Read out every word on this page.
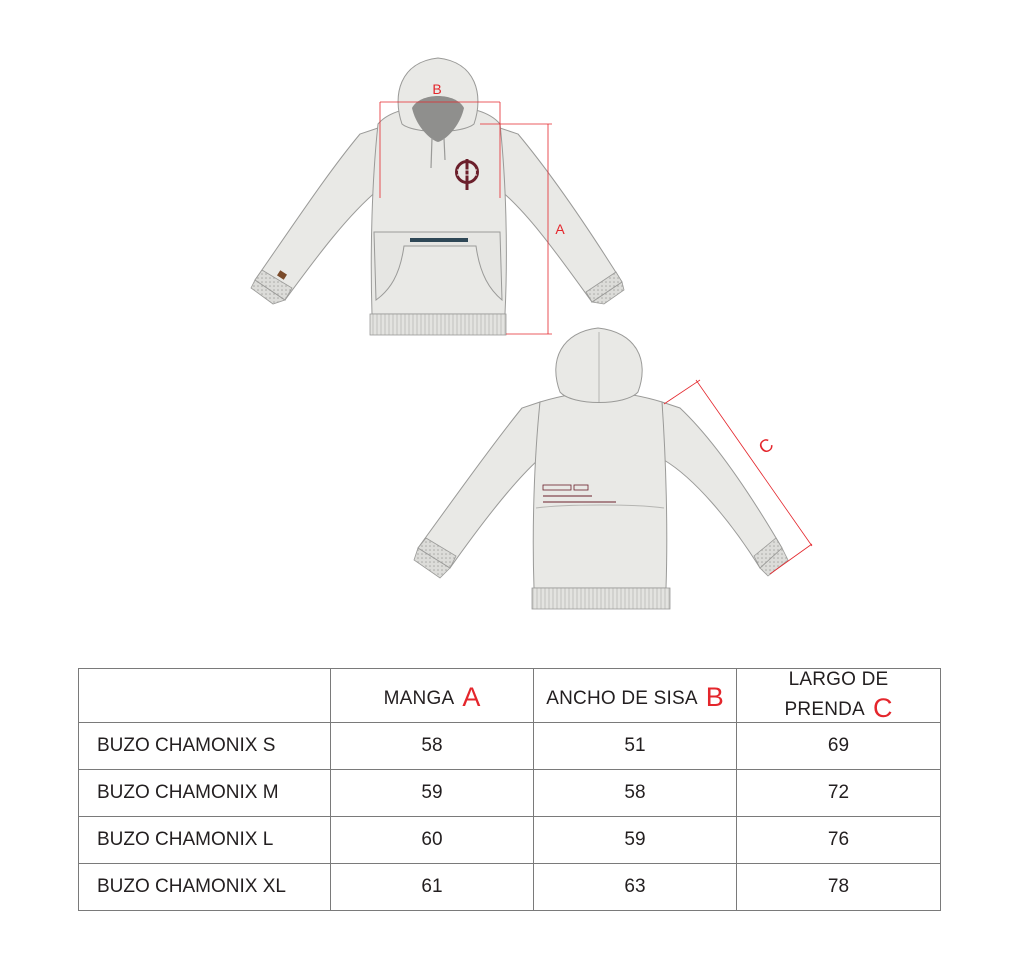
B
A
C
	MANGA A	ANCHO DE SISA B	LARGO DE PRENDA C
BUZO CHAMONIX S	58	51	69
BUZO CHAMONIX M	59	58	72
BUZO CHAMONIX L	60	59	76
BUZO CHAMONIX XL	61	63	78
